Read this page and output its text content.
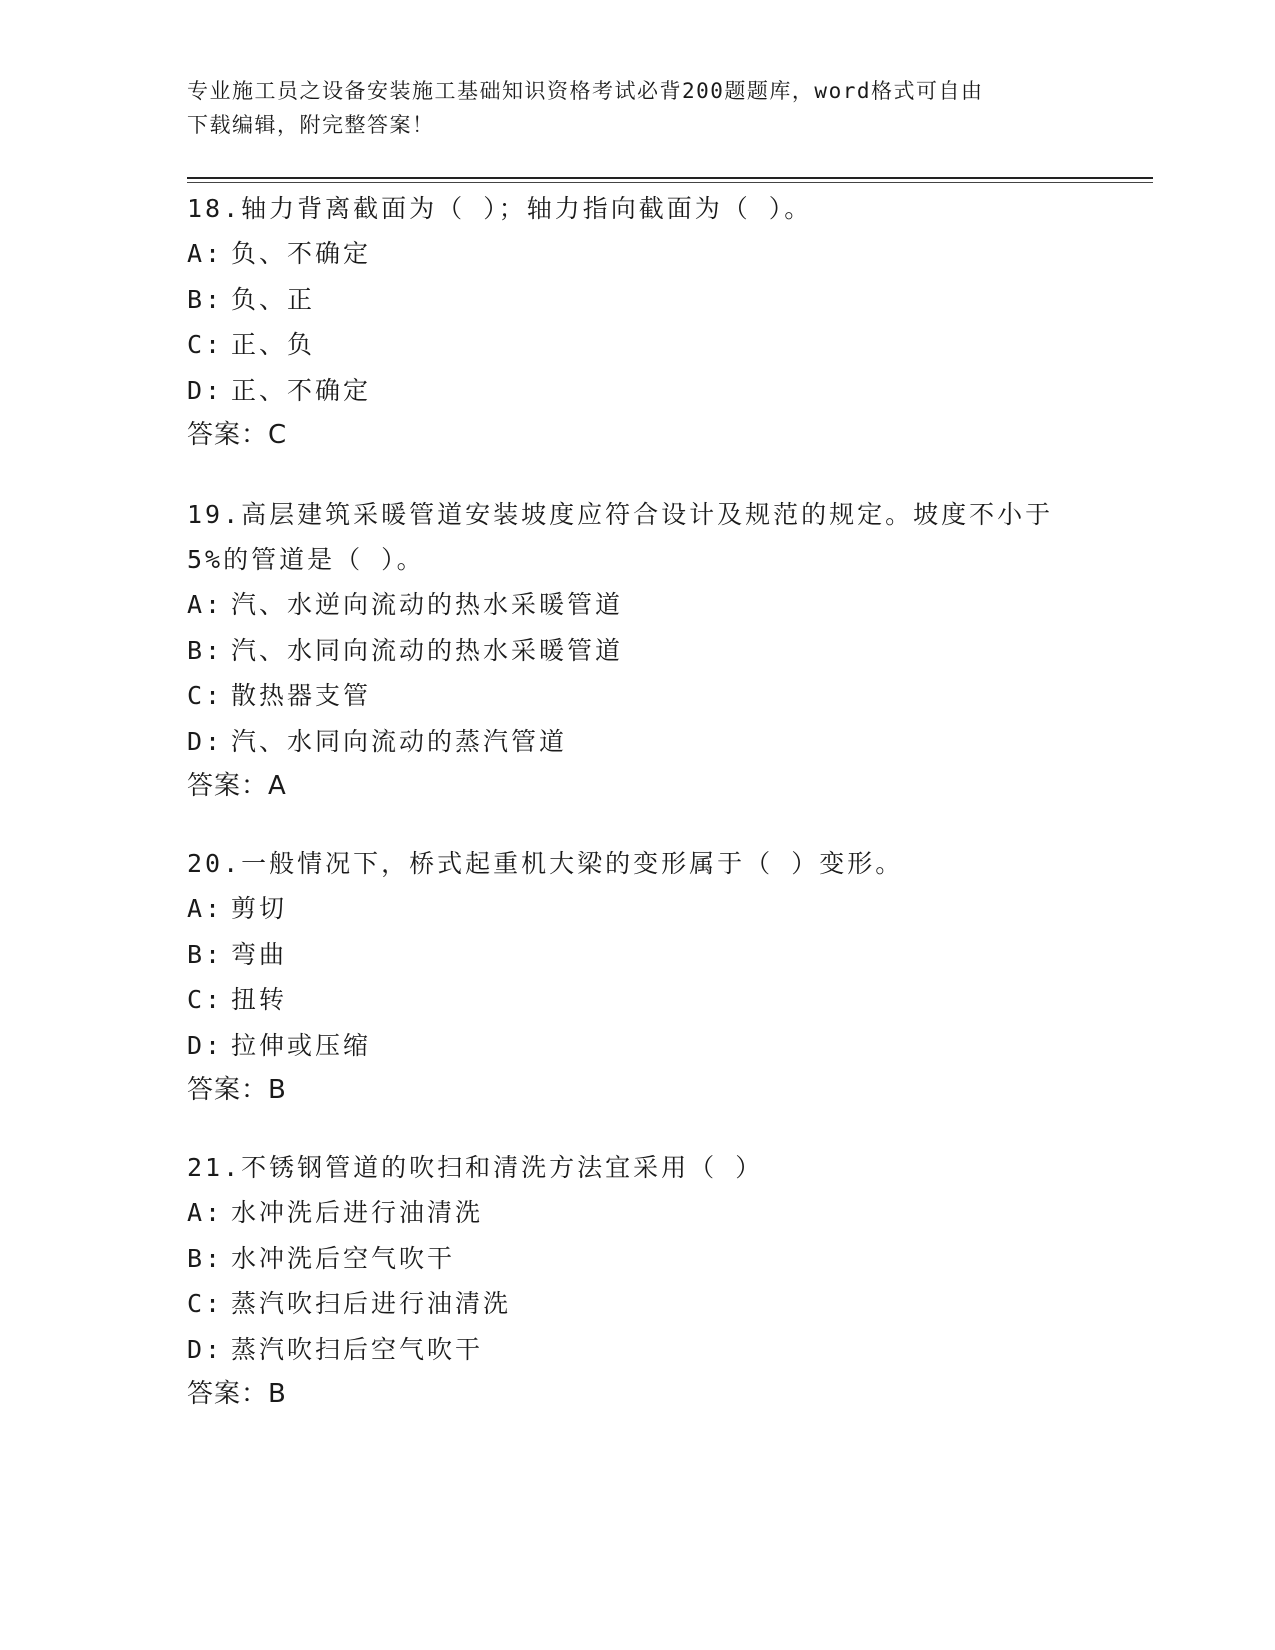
专业施工员之设备安装施工基础知识资格考试必背200题题库，word格式可自由
下载编辑，附完整答案！

18.轴力背离截面为（ ）；轴力指向截面为（ ）。

A: 负、不确定

B: 负、正

C: 正、负

D: 正、不确定

答案：C

19.高层建筑采暖管道安装坡度应符合设计及规范的规定。坡度不小于

5%的管道是（ ）。

A: 汽、水逆向流动的热水采暖管道

B: 汽、水同向流动的热水采暖管道

C: 散热器支管

D: 汽、水同向流动的蒸汽管道

答案：A

20.一般情况下，桥式起重机大梁的变形属于（ ）变形。

A: 剪切

B: 弯曲

C: 扭转

D: 拉伸或压缩

答案：B

21.不锈钢管道的吹扫和清洗方法宜采用（ ）

A: 水冲洗后进行油清洗

B: 水冲洗后空气吹干

C: 蒸汽吹扫后进行油清洗

D: 蒸汽吹扫后空气吹干

答案：B
